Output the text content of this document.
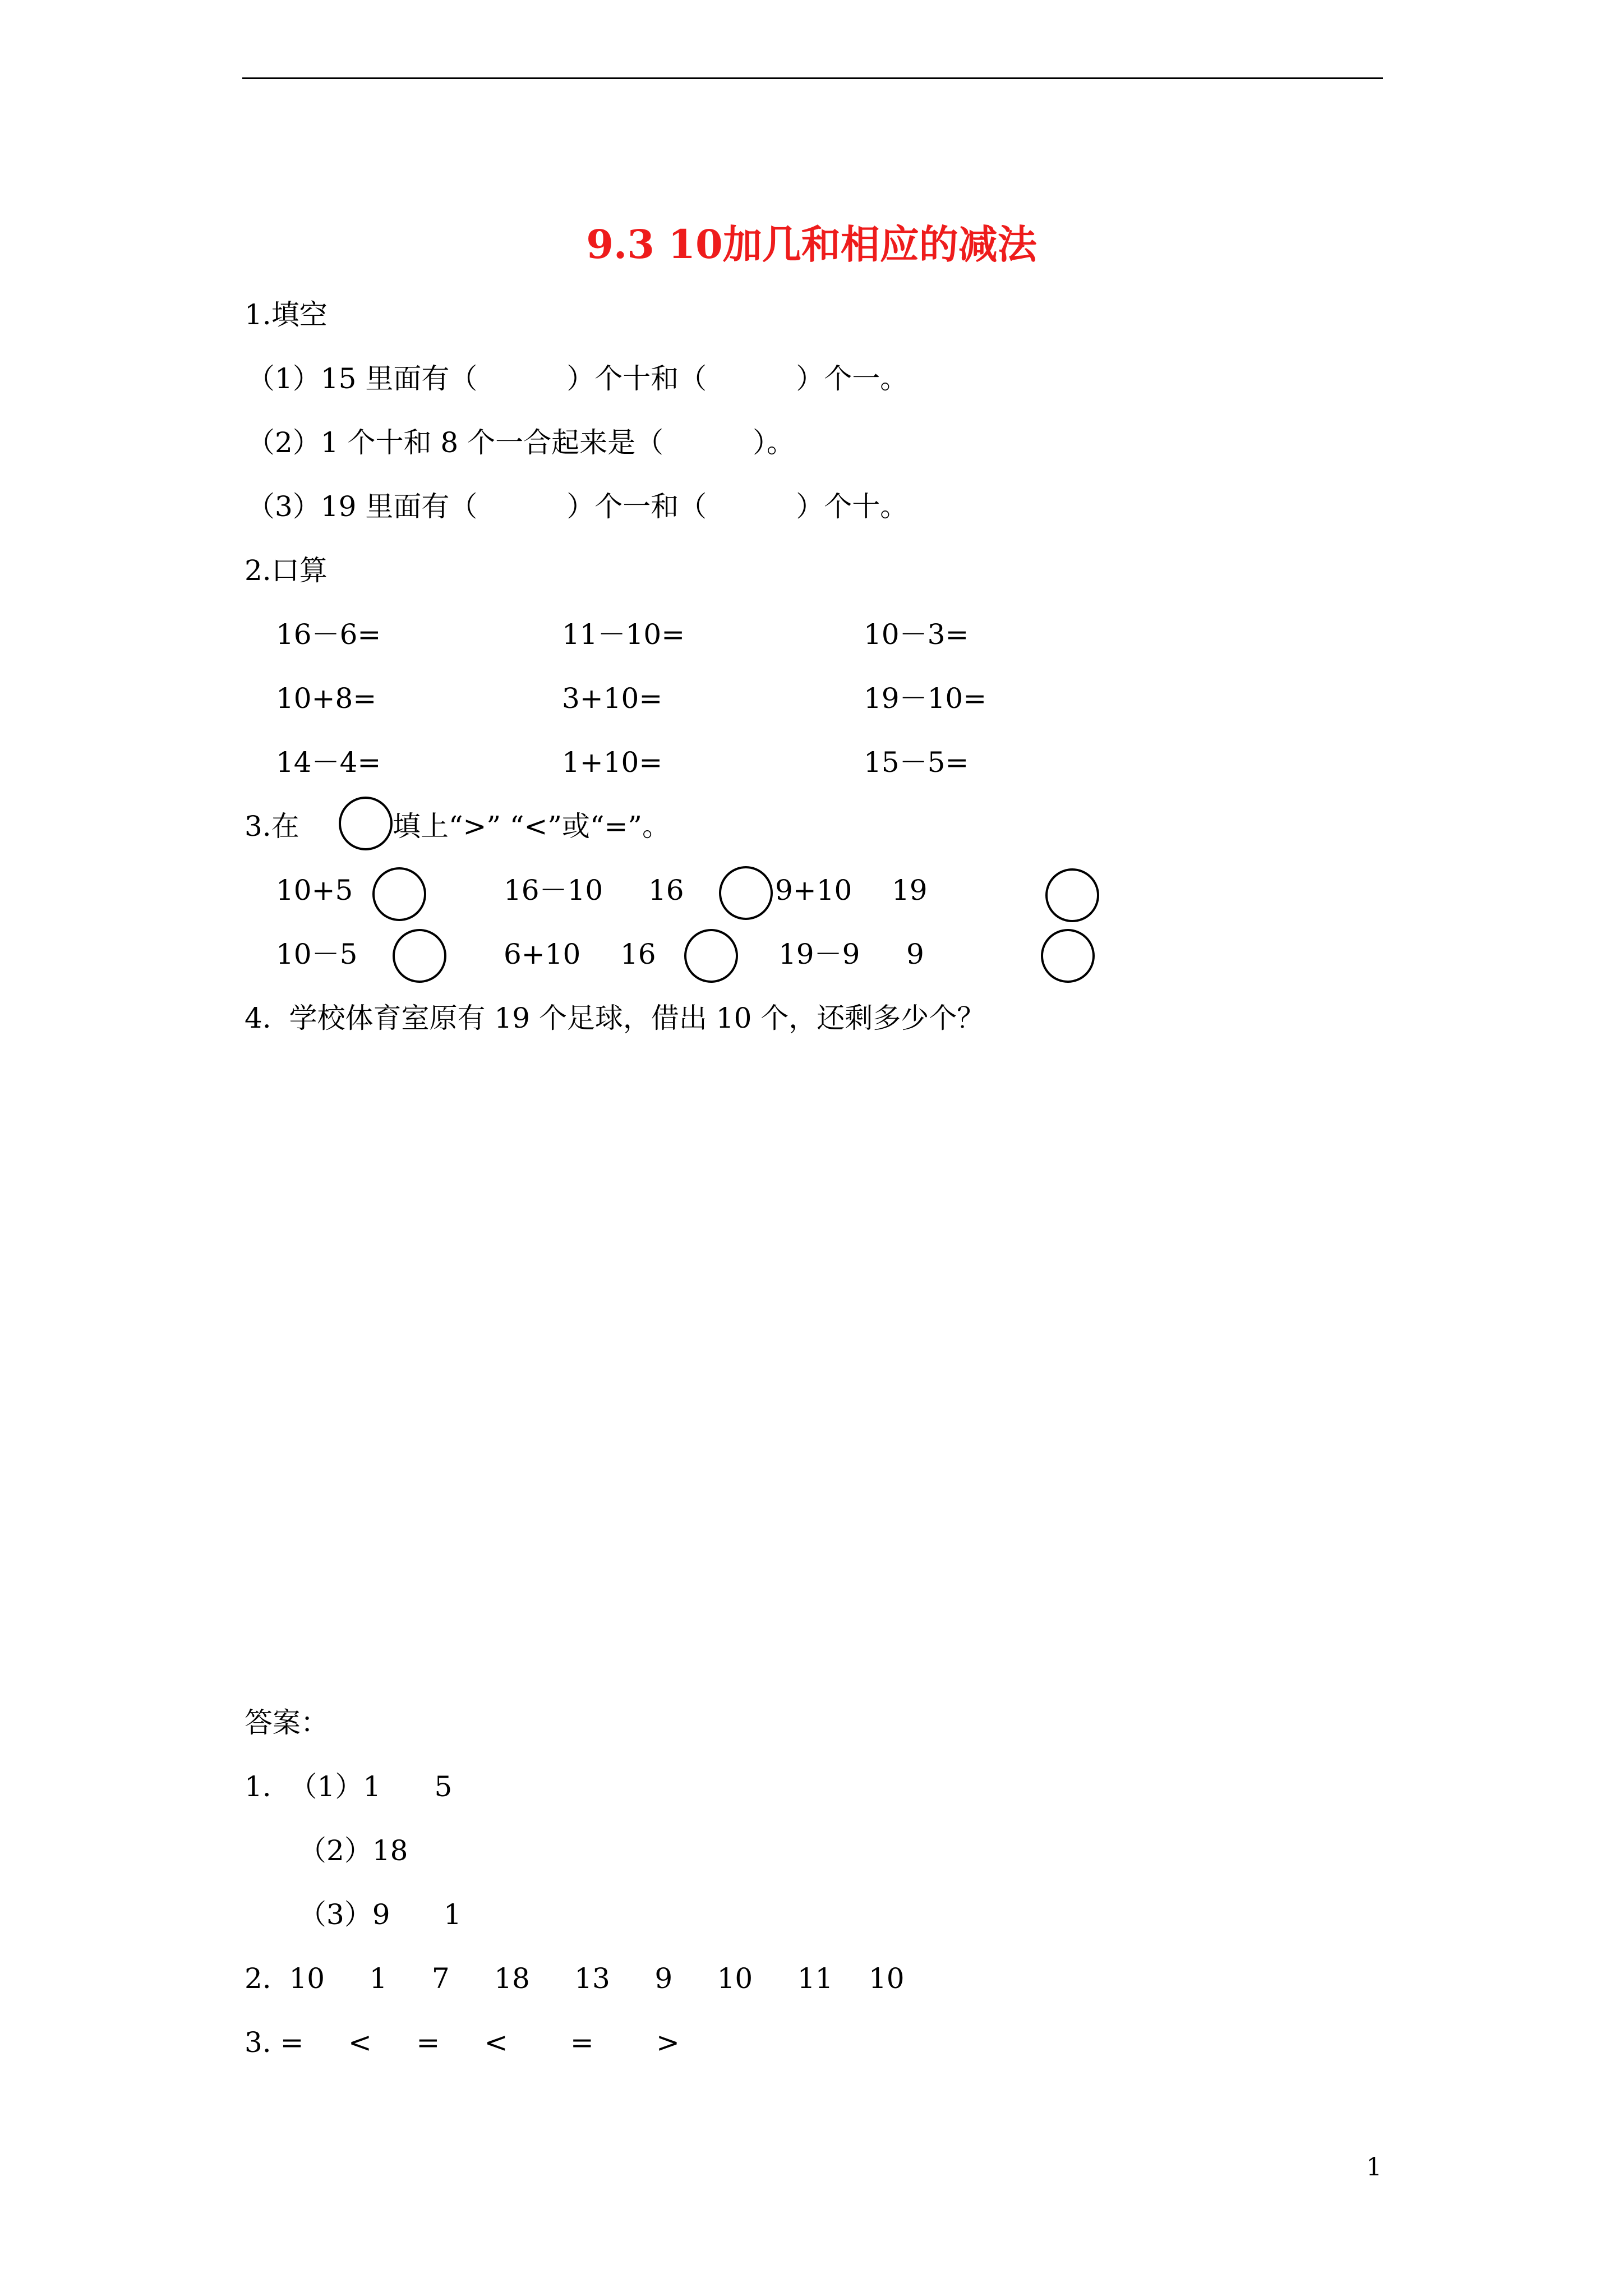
9.3 10加几和相应的减法
1.填空
（1）15 里面有（          ）个十和（          ）个一。
（2）1 个十和 8 个一合起来是（          ）。
（3）19 里面有（          ）个一和（          ）个十。
2.口算
16－6=	11－10=	10－3=
10+8=	3+10=	19－10=
14－4=	1+10=	15－5=
3.在	填上“>” “<”或“=”。
10+5	16－10 16	9+10 19
10－5	6+10 16	19－9 9
4.  学校体育室原有 19 个足球，借出 10 个，还剩多少个？
答案：
1.  （1）1      5
（2）18
（3）9      1
2.  10     1     7     18     13     9     10     11    10
3. =     <     =     <       =       >
1
